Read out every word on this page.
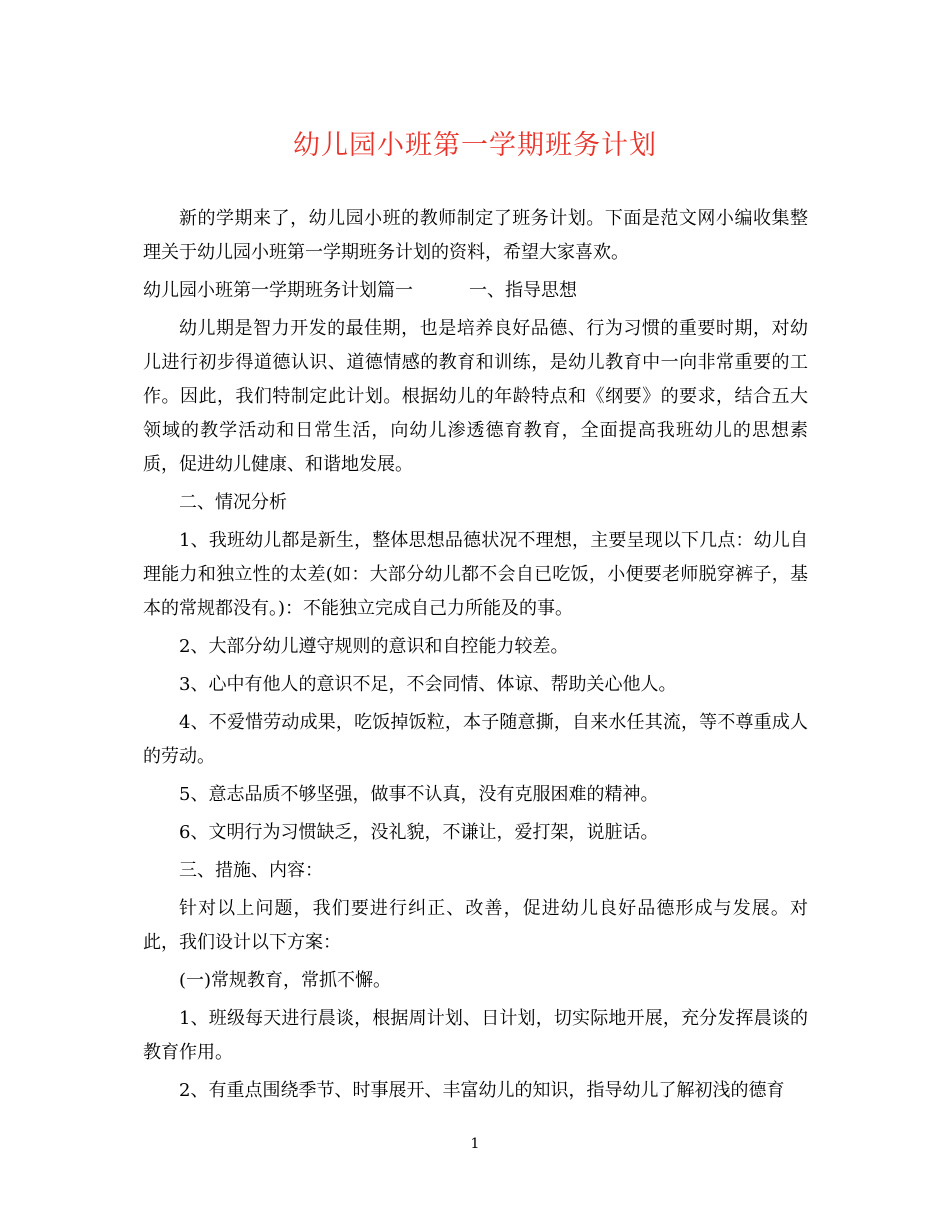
幼儿园小班第一学期班务计划

新的学期来了，幼儿园小班的教师制定了班务计划。下面是范文网小编收集整理关于幼儿园小班第一学期班务计划的资料，希望大家喜欢。

幼儿园小班第一学期班务计划篇一	一、指导思想

幼儿期是智力开发的最佳期，也是培养良好品德、行为习惯的重要时期，对幼儿进行初步得道德认识、道德情感的教育和训练，是幼儿教育中一向非常重要的工作。因此，我们特制定此计划。根据幼儿的年龄特点和《纲要》的要求，结合五大领域的教学活动和日常生活，向幼儿渗透德育教育，全面提高我班幼儿的思想素质，促进幼儿健康、和谐地发展。

二、情况分析

1、我班幼儿都是新生，整体思想品德状况不理想，主要呈现以下几点：幼儿自理能力和独立性的太差(如：大部分幼儿都不会自已吃饭，小便要老师脱穿裤子，基本的常规都没有。)：不能独立完成自己力所能及的事。

2、大部分幼儿遵守规则的意识和自控能力较差。

3、心中有他人的意识不足，不会同情、体谅、帮助关心他人。

4、不爱惜劳动成果，吃饭掉饭粒，本子随意撕，自来水任其流，等不尊重成人的劳动。

5、意志品质不够坚强，做事不认真，没有克服困难的精神。

6、文明行为习惯缺乏，没礼貌，不谦让，爱打架，说脏话。

三、措施、内容：

针对以上问题，我们要进行纠正、改善，促进幼儿良好品德形成与发展。对此，我们设计以下方案：

(一)常规教育，常抓不懈。

1、班级每天进行晨谈，根据周计划、日计划，切实际地开展，充分发挥晨谈的教育作用。

2、有重点围绕季节、时事展开、丰富幼儿的知识，指导幼儿了解初浅的德育

1
